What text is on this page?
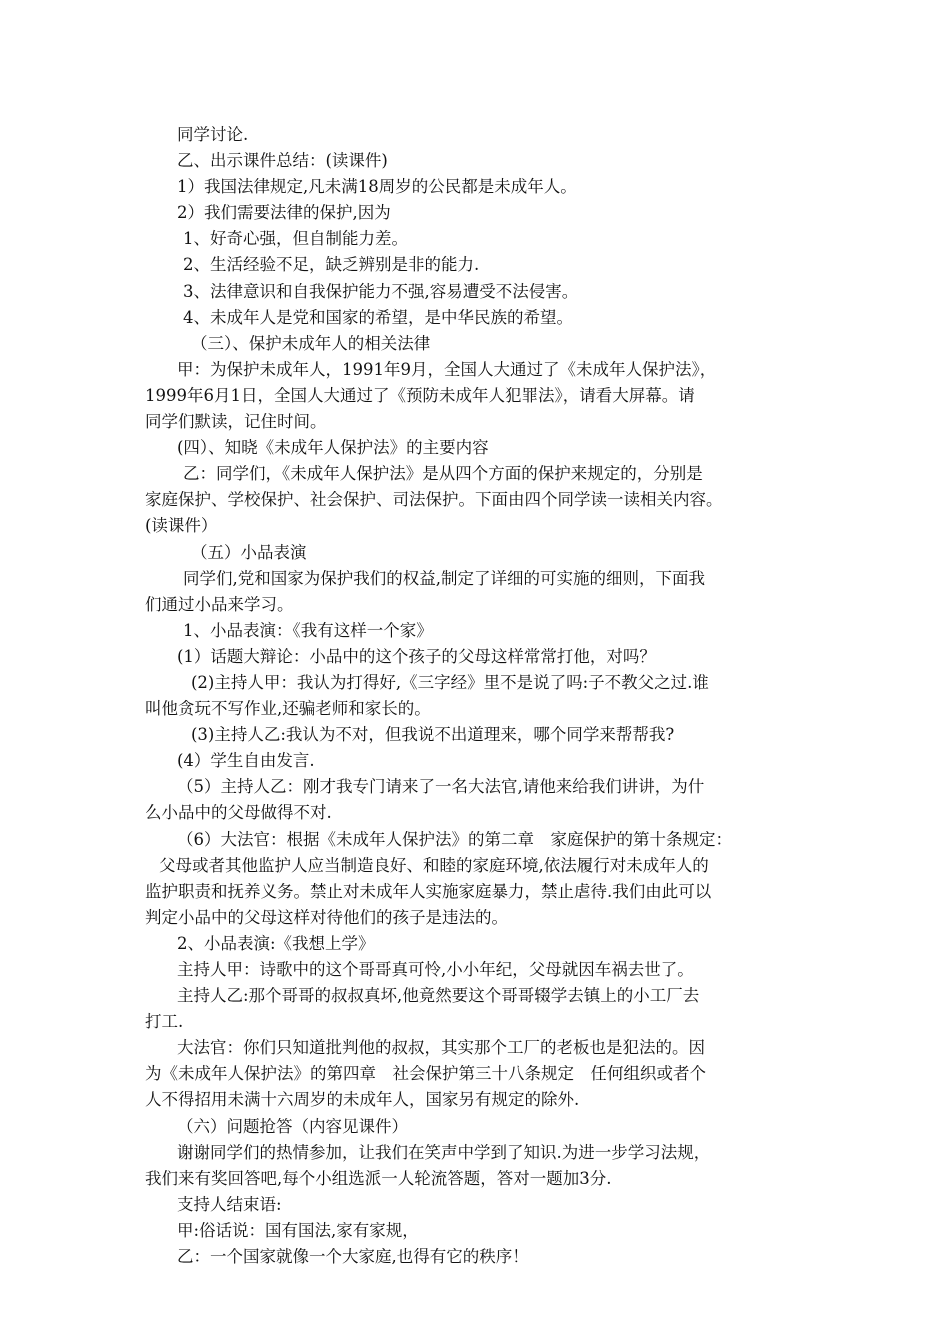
同学讨论.

乙、出示课件总结：(读课件)

1）我国法律规定,凡未满18周岁的公民都是未成年人。

2）我们需要法律的保护,因为

1、好奇心强，但自制能力差。

2、生活经验不足，缺乏辨别是非的能力.

3、法律意识和自我保护能力不强,容易遭受不法侵害。

4、未成年人是党和国家的希望，是中华民族的希望。

（三）、保护未成年人的相关法律

甲：为保护未成年人，1991年9月，全国人大通过了《未成年人保护法》，

1999年6月1日，全国人大通过了《预防未成年人犯罪法》，请看大屏幕。请

同学们默读，记住时间。

(四）、知晓《未成年人保护法》的主要内容

乙：同学们，《未成年人保护法》是从四个方面的保护来规定的，分别是

家庭保护、学校保护、社会保护、司法保护。下面由四个同学读一读相关内容。

(读课件）

（五）小品表演

同学们,党和国家为保护我们的权益,制定了详细的可实施的细则，下面我

们通过小品来学习。

1、小品表演：《我有这样一个家》

(1）话题大辩论：小品中的这个孩子的父母这样常常打他，对吗？

(2)主持人甲：我认为打得好,《三字经》里不是说了吗:子不教父之过.谁

叫他贪玩不写作业,还骗老师和家长的。

(3)主持人乙:我认为不对，但我说不出道理来，哪个同学来帮帮我?

(4）学生自由发言.

（5）主持人乙：刚才我专门请来了一名大法官,请他来给我们讲讲，为什

么小品中的父母做得不对.

（6）大法官：根据《未成年人保护法》的第二章　家庭保护的第十条规定：

父母或者其他监护人应当制造良好、和睦的家庭环境,依法履行对未成年人的

监护职责和抚养义务。禁止对未成年人实施家庭暴力，禁止虐待.我们由此可以

判定小品中的父母这样对待他们的孩子是违法的。

2、小品表演:《我想上学》

主持人甲：诗歌中的这个哥哥真可怜,小小年纪，父母就因车祸去世了。

主持人乙:那个哥哥的叔叔真坏,他竟然要这个哥哥辍学去镇上的小工厂去

打工.

大法官：你们只知道批判他的叔叔，其实那个工厂的老板也是犯法的。因

为《未成年人保护法》的第四章　社会保护第三十八条规定　任何组织或者个

人不得招用未满十六周岁的未成年人，国家另有规定的除外.

（六）问题抢答（内容见课件）

谢谢同学们的热情参加，让我们在笑声中学到了知识.为进一步学习法规，

我们来有奖回答吧,每个小组选派一人轮流答题，答对一题加3分.

支持人结束语:

甲:俗话说：国有国法,家有家规，

乙：一个国家就像一个大家庭,也得有它的秩序！
